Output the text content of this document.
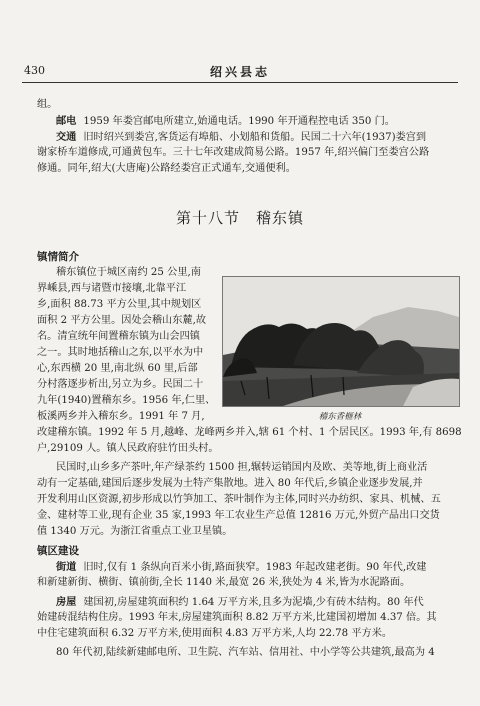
430	绍兴县志
组。
邮电 1959 年娄宫邮电所建立,始通电话。1990 年开通程控电话 350 门。
交通 旧时绍兴到娄宫,客货运有埠船、小划船和货船。民国二十六年(1937)娄宫到
谢家桥车道修成,可通黄包车。三十七年改建成简易公路。1957 年,绍兴偏门至娄宫公路
修通。同年,绍大(大唐庵)公路经娄宫正式通车,交通便利。
第十八节　稽东镇
镇情简介
稽东镇位于城区南约 25 公里,南
界嵊县,西与诸暨市接壤,北靠平江
乡,面积 88.73 平方公里,其中规划区
面积 2 平方公里。因处会稽山东麓,故
名。清宣统年间置稽东镇为山会四镇
之一。其时地括稽山之东,以平水为中
心,东西横 20 里,南北纵 60 里,后部
分村落逐步析出,另立为乡。民国二十
九年(1940)置稽东乡。1956 年,仁里、
板溪两乡并入稽东乡。1991 年 7 月,	稽东香榧林
改建稽东镇。1992 年 5 月,越峰、龙峰两乡并入,辖 61 个村、1 个居民区。1993 年,有 8698
户,29109 人。镇人民政府驻竹田头村。
民国时,山乡多产茶叶,年产绿茶约 1500 担,辗转运销国内及欧、美等地,街上商业活
动有一定基础,建国后逐步发展为土特产集散地。进入 80 年代后,乡镇企业逐步发展,并
开发利用山区资源,初步形成以竹笋加工、茶叶制作为主体,同时兴办纺织、家具、机械、五
金、建材等工业,现有企业 35 家,1993 年工农业生产总值 12816 万元,外贸产品出口交货
值 1340 万元。为浙江省重点工业卫星镇。
镇区建设
街道 旧时,仅有 1 条纵向百米小街,路面狭窄。1983 年起改建老街。90 年代,改建
和新建新街、横街、镇前街,全长 1140 米,最宽 26 米,狭处为 4 米,皆为水泥路面。
房屋 建国初,房屋建筑面积约 1.64 万平方米,且多为泥墙,少有砖木结构。80 年代
始建砖混结构住房。1993 年末,房屋建筑面积 8.82 万平方米,比建国初增加 4.37 倍。其
中住宅建筑面积 6.32 万平方米,使用面积 4.83 万平方米,人均 22.78 平方米。
80 年代初,陆续新建邮电所、卫生院、汽车站、信用社、中小学等公共建筑,最高为 4
